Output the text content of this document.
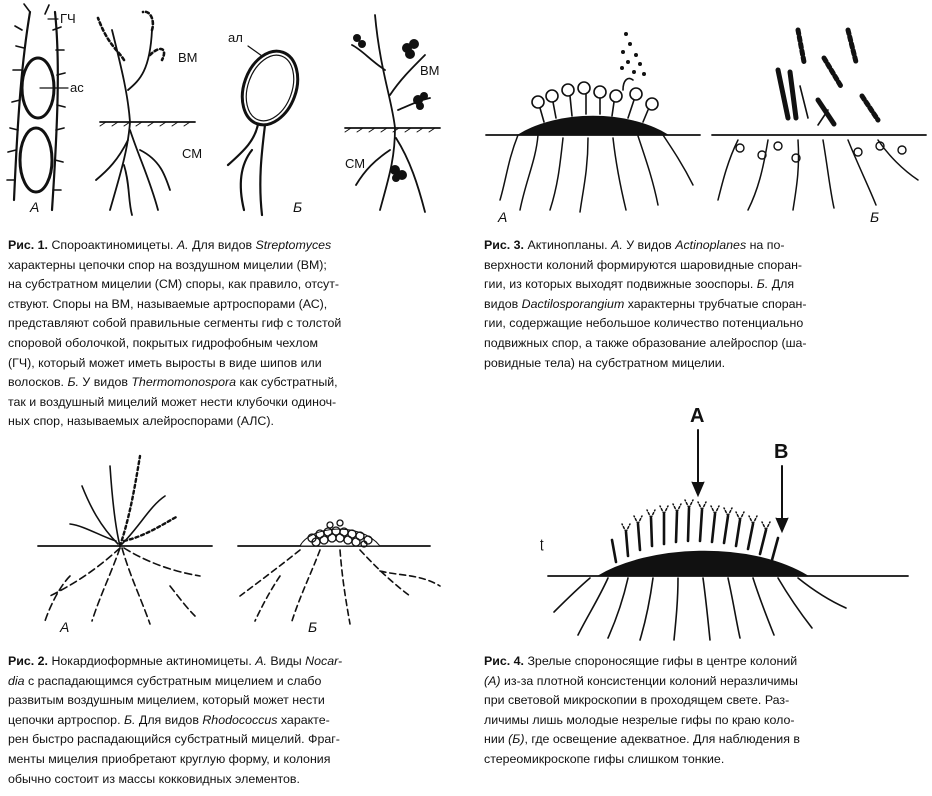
ГЧ
ас
А
ВМ
СМ
ал
Б
ВМ
СМ
Рис. 1. Спороактиномицеты. А. Для видов Streptomyces
характерны цепочки спор на воздушном мицелии (ВМ);
на субстратном мицелии (СМ) споры, как правило, отсут-
ствуют. Споры на ВМ, называемые артроспорами (АС),
представляют собой правильные сегменты гиф с толстой
споровой оболочкой, покрытых гидрофобным чехлом
(ГЧ), который может иметь выросты в виде шипов или
волосков. Б. У видов Thermomonospora как субстратный,
так и воздушный мицелий может нести клубочки одиноч-
ных спор, называемых алейроспорами (АЛС).
А	Б
Рис. 3. Актинопланы. А. У видов Actinoplanes на по-
верхности колоний формируются шаровидные споран-
гии, из которых выходят подвижные зооспоры. Б. Для
видов Dactilosporangium характерны трубчатые споран-
гии, содержащие небольшое количество потенциально
подвижных спор, а также образование алейроспор (ша-
ровидные тела) на субстратном мицелии.
А	Б
Рис. 2. Нокардиоформные актиномицеты. А. Виды Nocar-
dia с распадающимся субстратным мицелием и слабо
развитым воздушным мицелием, который может нести
цепочки артроспор. Б. Для видов Rhodococcus характе-
рен быстро распадающийся субстратный мицелий. Фраг-
менты мицелия приобретают круглую форму, и колония
обычно состоит из массы кокковидных элементов.
A
B
ʈ
Рис. 4. Зрелые спороносящие гифы в центре колоний
(А) из-за плотной консистенции колоний неразличимы
при световой микроскопии в проходящем свете. Раз-
личимы лишь молодые незрелые гифы по краю коло-
нии (Б), где освещение адекватное. Для наблюдения в
стереомикроскопе гифы слишком тонкие.
